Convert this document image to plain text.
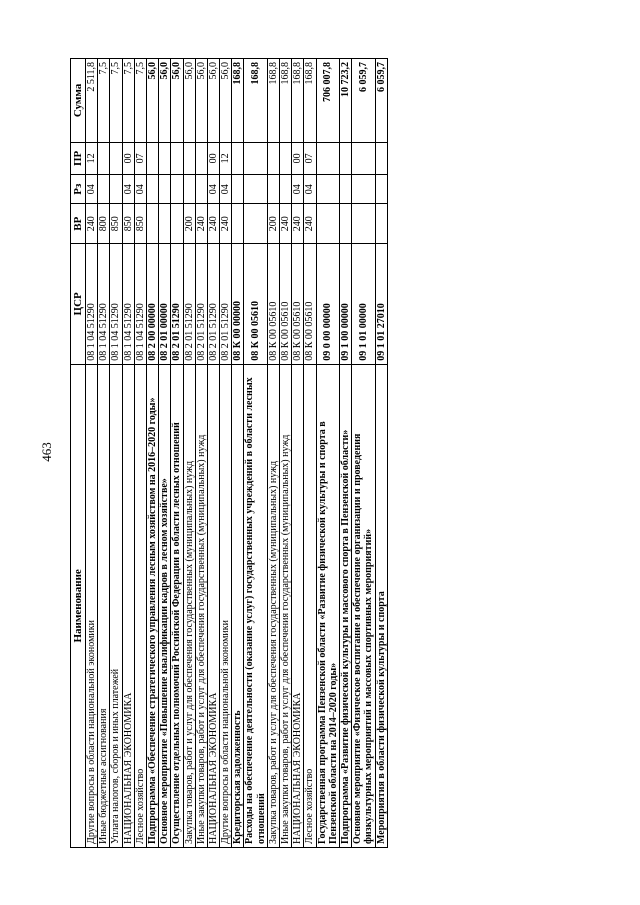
463
Наименование	ЦСР	ВР	Рз	ПР	Сумма
Другие вопросы в области национальной экономики	08 1 04 51290	240	04	12	2 511,8
Иные бюджетные ассигнования	08 1 04 51290	800			7,5
Уплата налогов, сборов и иных платежей	08 1 04 51290	850			7,5
НАЦИОНАЛЬНАЯ ЭКОНОМИКА	08 1 04 51290	850	04	00	7,5
Лесное хозяйство	08 1 04 51290	850	04	07	7,5
Подпрограмма «Обеспечение стратегического управления лесным хозяйством на 2016–2020 годы»	08 2 00 00000				56,0
Основное мероприятие «Повышение квалификации кадров в лесном хозяйстве»	08 2 01 00000				56,0
Осуществление отдельных полномочий Российской Федерации в области лесных отношений	08 2 01 51290				56,0
Закупка товаров, работ и услуг для обеспечения государственных (муниципальных) нужд	08 2 01 51290	200			56,0
Иные закупки товаров, работ и услуг для обеспечения государственных (муниципальных) нужд	08 2 01 51290	240			56,0
НАЦИОНАЛЬНАЯ ЭКОНОМИКА	08 2 01 51290	240	04	00	56,0
Другие вопросы в области национальной экономики	08 2 01 51290	240	04	12	56,0
Кредиторская задолженность	08 К 00 00000				168,8
Расходы на обеспечение деятельности (оказание услуг) государственных учреждений в области лесных отношений	08 К 00 05610				168,8
Закупка товаров, работ и услуг для обеспечения государственных (муниципальных) нужд	08 К 00 05610	200			168,8
Иные закупки товаров, работ и услуг для обеспечения государственных (муниципальных) нужд	08 К 00 05610	240			168,8
НАЦИОНАЛЬНАЯ ЭКОНОМИКА	08 К 00 05610	240	04	00	168,8
Лесное хозяйство	08 К 00 05610	240	04	07	168,8
Государственная программа Пензенской области «Развитие физической культуры и спорта в Пензенской области на 2014–2020 годы»	09 0 00 00000				706 007,8
Подпрограмма «Развитие физической культуры и массового спорта в Пензенской области»	09 1 00 00000				10 723,2
Основное мероприятие «Физическое воспитание и обеспечение организации и проведения физкультурных мероприятий и массовых спортивных мероприятий»	09 1 01 00000				6 059,7
Мероприятия в области физической культуры и спорта	09 1 01 27010				6 059,7
